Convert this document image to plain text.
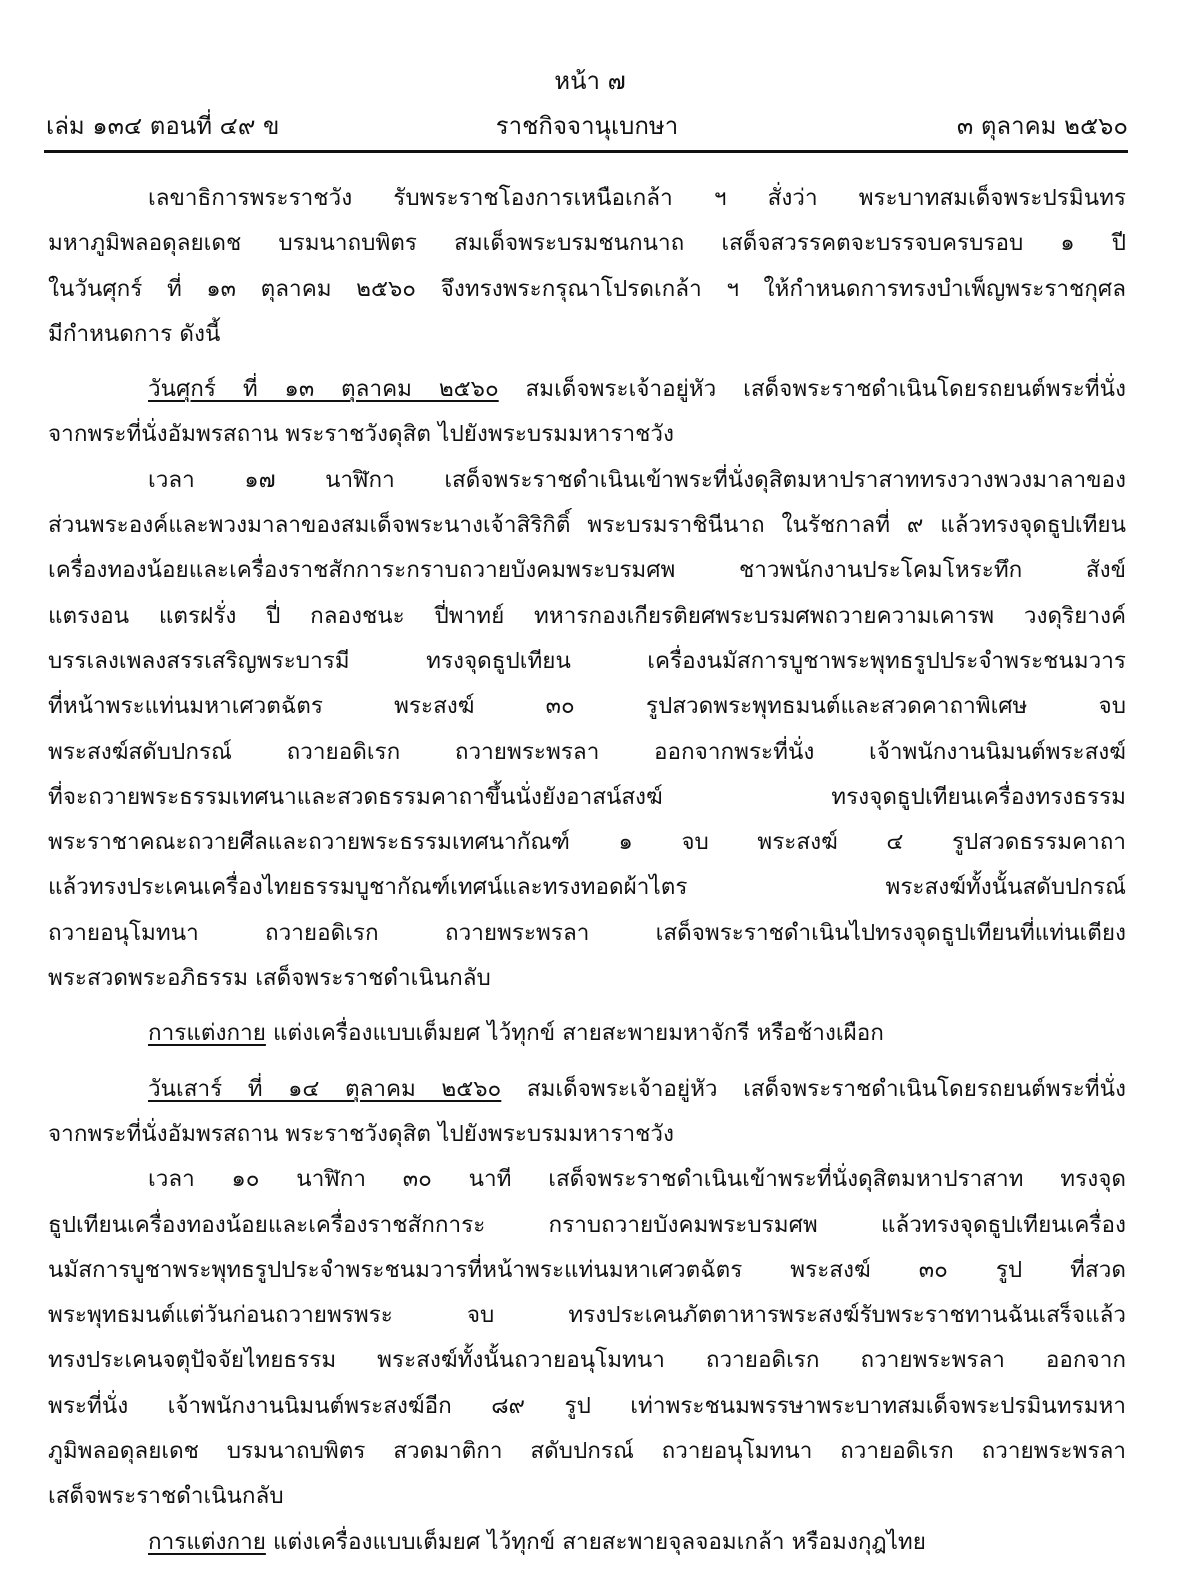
หน้า ๗
เล่ม ๑๓๔ ตอนที่ ๔๙ ข	ราชกิจจานุเบกษา	๓ ตุลาคม ๒๕๖๐
เลขาธิการพระราชวัง รับพระราชโองการเหนือเกล้า ฯ สั่งว่า พระบาทสมเด็จพระปรมินทร
มหาภูมิพลอดุลยเดช บรมนาถบพิตร สมเด็จพระบรมชนกนาถ เสด็จสวรรคตจะบรรจบครบรอบ ๑ ปี
ในวันศุกร์ ที่ ๑๓ ตุลาคม ๒๕๖๐ จึงทรงพระกรุณาโปรดเกล้า ฯ ให้กำหนดการทรงบำเพ็ญพระราชกุศล
มีกำหนดการ ดังนี้
วันศุกร์ ที่ ๑๓ ตุลาคม ๒๕๖๐ สมเด็จพระเจ้าอยู่หัว เสด็จพระราชดำเนินโดยรถยนต์พระที่นั่ง
จากพระที่นั่งอัมพรสถาน พระราชวังดุสิต ไปยังพระบรมมหาราชวัง
เวลา ๑๗ นาฬิกา เสด็จพระราชดำเนินเข้าพระที่นั่งดุสิตมหาปราสาททรงวางพวงมาลาของ
ส่วนพระองค์และพวงมาลาของสมเด็จพระนางเจ้าสิริกิติ์ พระบรมราชินีนาถ ในรัชกาลที่ ๙ แล้วทรงจุดธูปเทียน
เครื่องทองน้อยและเครื่องราชสักการะกราบถวายบังคมพระบรมศพ ชาวพนักงานประโคมโหระทึก สังข์
แตรงอน แตรฝรั่ง ปี่ กลองชนะ ปี่พาทย์ ทหารกองเกียรติยศพระบรมศพถวายความเคารพ วงดุริยางค์
บรรเลงเพลงสรรเสริญพระบารมี ทรงจุดธูปเทียน เครื่องนมัสการบูชาพระพุทธรูปประจำพระชนมวาร
ที่หน้าพระแท่นมหาเศวตฉัตร พระสงฆ์ ๓๐ รูปสวดพระพุทธมนต์และสวดคาถาพิเศษ จบ
พระสงฆ์สดับปกรณ์ ถวายอดิเรก ถวายพระพรลา ออกจากพระที่นั่ง เจ้าพนักงานนิมนต์พระสงฆ์
ที่จะถวายพระธรรมเทศนาและสวดธรรมคาถาขึ้นนั่งยังอาสน์สงฆ์ ทรงจุดธูปเทียนเครื่องทรงธรรม
พระราชาคณะถวายศีลและถวายพระธรรมเทศนากัณฑ์ ๑ จบ พระสงฆ์ ๔ รูปสวดธรรมคาถา
แล้วทรงประเคนเครื่องไทยธรรมบูชากัณฑ์เทศน์และทรงทอดผ้าไตร พระสงฆ์ทั้งนั้นสดับปกรณ์
ถวายอนุโมทนา ถวายอดิเรก ถวายพระพรลา เสด็จพระราชดำเนินไปทรงจุดธูปเทียนที่แท่นเตียง
พระสวดพระอภิธรรม เสด็จพระราชดำเนินกลับ
การแต่งกาย แต่งเครื่องแบบเต็มยศ ไว้ทุกข์ สายสะพายมหาจักรี หรือช้างเผือก
วันเสาร์ ที่ ๑๔ ตุลาคม ๒๕๖๐ สมเด็จพระเจ้าอยู่หัว เสด็จพระราชดำเนินโดยรถยนต์พระที่นั่ง
จากพระที่นั่งอัมพรสถาน พระราชวังดุสิต ไปยังพระบรมมหาราชวัง
เวลา ๑๐ นาฬิกา ๓๐ นาที เสด็จพระราชดำเนินเข้าพระที่นั่งดุสิตมหาปราสาท ทรงจุด
ธูปเทียนเครื่องทองน้อยและเครื่องราชสักการะ กราบถวายบังคมพระบรมศพ แล้วทรงจุดธูปเทียนเครื่อง
นมัสการบูชาพระพุทธรูปประจำพระชนมวารที่หน้าพระแท่นมหาเศวตฉัตร พระสงฆ์ ๓๐ รูป ที่สวด
พระพุทธมนต์แต่วันก่อนถวายพรพระ จบ ทรงประเคนภัตตาหารพระสงฆ์รับพระราชทานฉันเสร็จแล้ว
ทรงประเคนจตุปัจจัยไทยธรรม พระสงฆ์ทั้งนั้นถวายอนุโมทนา ถวายอดิเรก ถวายพระพรลา ออกจาก
พระที่นั่ง เจ้าพนักงานนิมนต์พระสงฆ์อีก ๘๙ รูป เท่าพระชนมพรรษาพระบาทสมเด็จพระปรมินทรมหา
ภูมิพลอดุลยเดช บรมนาถบพิตร สวดมาติกา สดับปกรณ์ ถวายอนุโมทนา ถวายอดิเรก ถวายพระพรลา
เสด็จพระราชดำเนินกลับ
การแต่งกาย แต่งเครื่องแบบเต็มยศ ไว้ทุกข์ สายสะพายจุลจอมเกล้า หรือมงกุฎไทย
